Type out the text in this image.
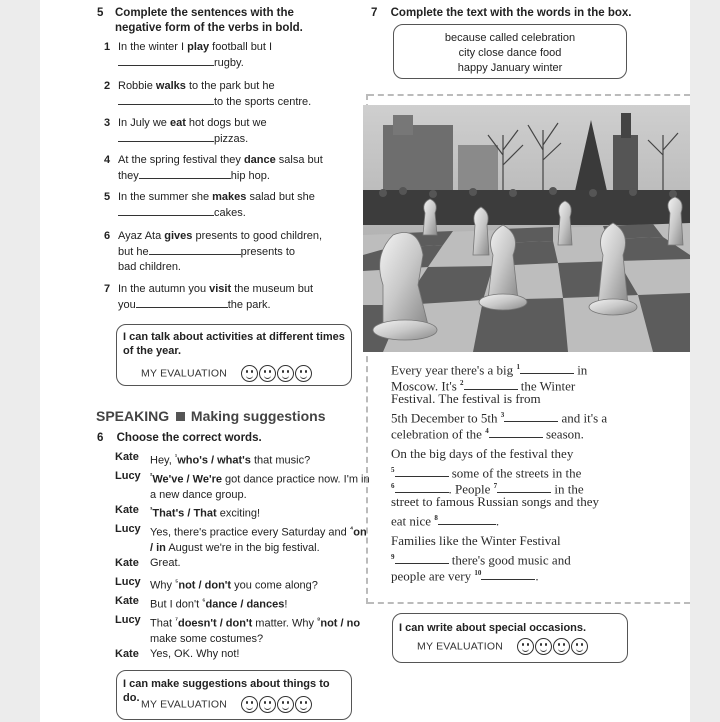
5 Complete the sentences with the negative form of the verbs in bold.
1 In the winter I play football but I
rugby.
2 Robbie walks to the park but he
to the sports centre.
3 In July we eat hot dogs but we
pizzas.
4 At the spring festival they dance salsa but
they	hip hop.
5 In the summer she makes salad but she
cakes.
6 Ayaz Ata gives presents to good children,
but he	presents to
bad children.
7 In the autumn you visit the museum but
you	the park.
I can talk about activities at different times of the year.
MY EVALUATION
SPEAKING Making suggestions
6 Choose the correct words.
Kate	Hey, $^{^1}$who's / what's that music?
Lucy	$^{^2}$We've / We're got dance practice now. I'm in a new dance group.
Kate	$^{^3}$That's / That exciting!
Lucy Yes, there's practice every Saturday and $^{^4}$on / in August we're in the big festival.
Kate	Great.
Lucy Why $^{^5}$not / don't you come along?
Kate	But I don't $^{^6}$dance / dances!
Lucy That $^{^7}$doesn't / don't matter. Why $^{^8}$not / no make some costumes?
Kate	Yes, OK. Why not!
I can make suggestions about things to do.
MY EVALUATION
7 Complete the text with the words in the box.
because called celebration
city close dance food
happy January winter
Every year there's a big $^1$	in
Moscow. It's $^2$	the Winter
Festival. The festival is from
5th December to 5th $^3$	and it's a
celebration of the $^4$	season.
On the big days of the festival they
$^5$	some of the streets in the
$^6$	. People $^7$	in the
street to famous Russian songs and they
eat nice $^8$	.
Families like the Winter Festival
$^9$	there's good music and
people are very $^{10}$	.
I can write about special occasions.
MY EVALUATION
